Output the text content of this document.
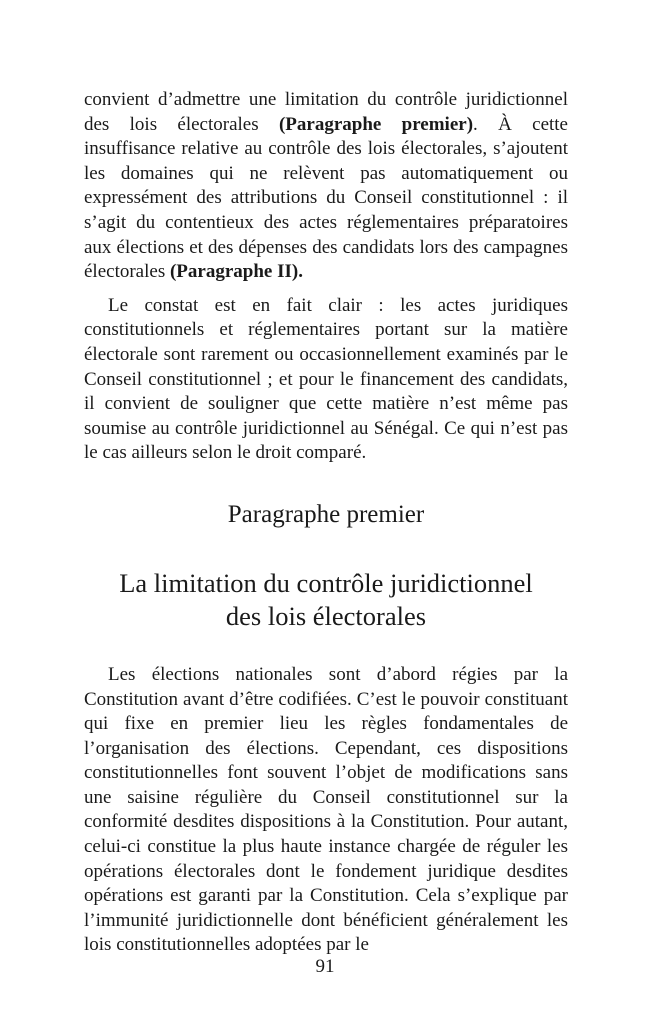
convient d’admettre une limitation du contrôle juridictionnel des lois électorales (Paragraphe premier). À cette insuffisance relative au contrôle des lois électorales, s’ajoutent les domaines qui ne relèvent pas automatiquement ou expressément des attributions du Conseil constitutionnel : il s’agit du contentieux des actes réglementaires préparatoires aux élections et des dépenses des candidats lors des campagnes électorales (Paragraphe II).

Le constat est en fait clair : les actes juridiques constitutionnels et réglementaires portant sur la matière électorale sont rarement ou occasionnellement examinés par le Conseil constitutionnel ; et pour le financement des candidats, il convient de souligner que cette matière n’est même pas soumise au contrôle juridictionnel au Sénégal. Ce qui n’est pas le cas ailleurs selon le droit comparé.

Paragraphe premier
La limitation du contrôle juridictionnel
des lois électorales

Les élections nationales sont d’abord régies par la Constitution avant d’être codifiées. C’est le pouvoir constituant qui fixe en premier lieu les règles fondamentales de l’organisation des élections. Cependant, ces dispositions constitutionnelles font souvent l’objet de modifications sans une saisine régulière du Conseil constitutionnel sur la conformité desdites dispositions à la Constitution. Pour autant, celui-ci constitue la plus haute instance chargée de réguler les opérations électorales dont le fondement juridique desdites opérations est garanti par la Constitution. Cela s’explique par l’immunité juridictionnelle dont bénéficient généralement les lois constitutionnelles adoptées par le

91
